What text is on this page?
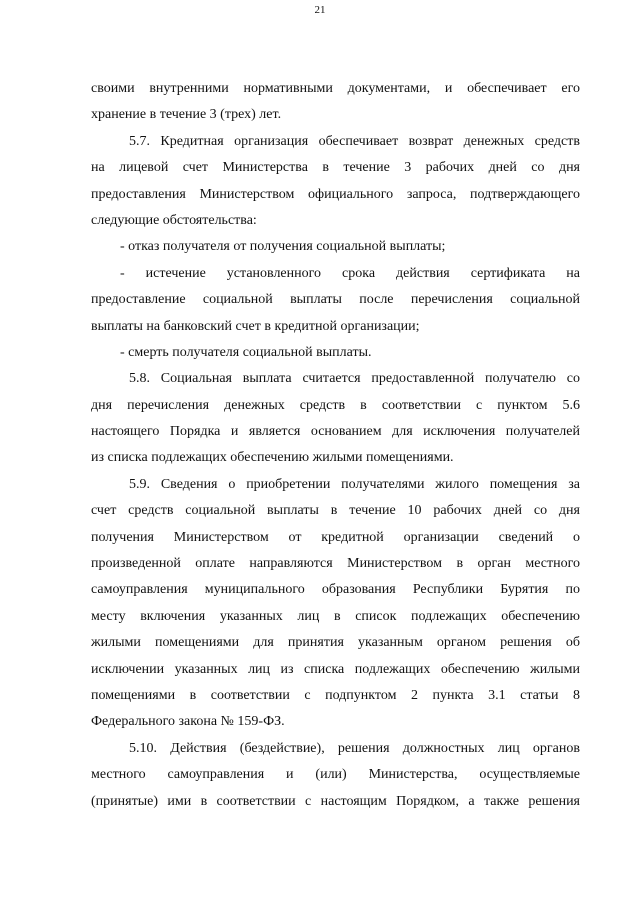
21
своими внутренними нормативными документами, и обеспечивает его
хранение в течение 3 (трех) лет.
5.7. Кредитная организация обеспечивает возврат денежных средств
на лицевой счет Министерства в течение 3 рабочих дней со дня
предоставления Министерством официального запроса, подтверждающего
следующие обстоятельства:
- отказ получателя от получения социальной выплаты;
- истечение установленного срока действия сертификата на
предоставление социальной выплаты после перечисления социальной
выплаты на банковский счет в кредитной организации;
- смерть получателя социальной выплаты.
5.8. Социальная выплата считается предоставленной получателю со
дня перечисления денежных средств в соответствии с пунктом 5.6
настоящего Порядка и является основанием для исключения получателей
из списка подлежащих обеспечению жилыми помещениями.
5.9. Сведения о приобретении получателями жилого помещения за
счет средств социальной выплаты в течение 10 рабочих дней со дня
получения Министерством от кредитной организации сведений о
произведенной оплате направляются Министерством в орган местного
самоуправления муниципального образования Республики Бурятия по
месту включения указанных лиц в список подлежащих обеспечению
жилыми помещениями для принятия указанным органом решения об
исключении указанных лиц из списка подлежащих обеспечению жилыми
помещениями в соответствии с подпунктом 2 пункта 3.1 статьи 8
Федерального закона № 159-ФЗ.
5.10. Действия (бездействие), решения должностных лиц органов
местного самоуправления и (или) Министерства, осуществляемые
(принятые) ими в соответствии с настоящим Порядком, а также решения
